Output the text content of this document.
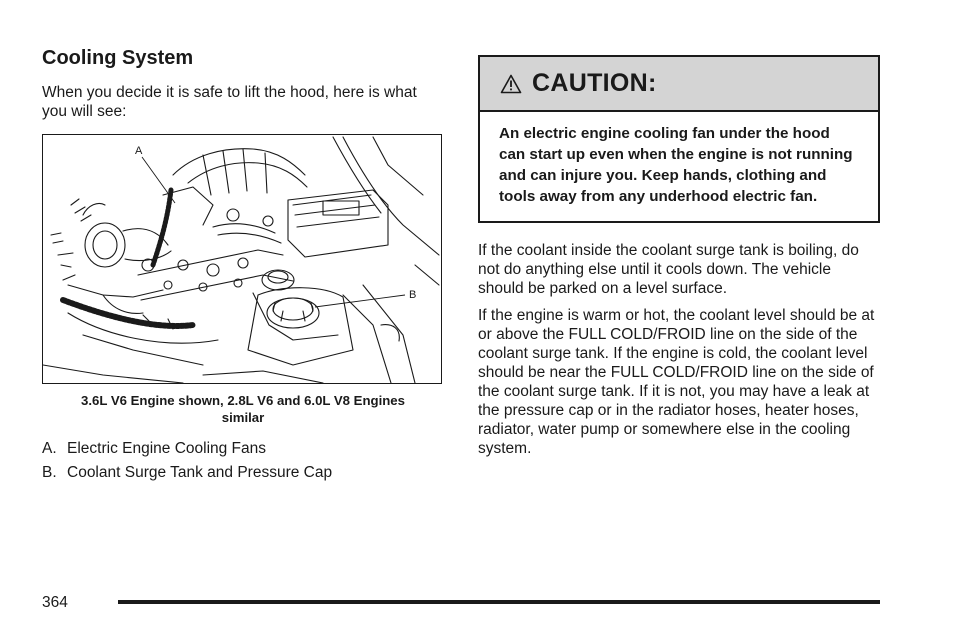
Cooling System

When you decide it is safe to lift the hood, here is what you will see:

A
B
3.6L V6 Engine shown, 2.8L V6 and 6.0L V8 Engines similar
A. Electric Engine Cooling Fans
B. Coolant Surge Tank and Pressure Cap
CAUTION:
An electric engine cooling fan under the hood can start up even when the engine is not running and can injure you. Keep hands, clothing and tools away from any underhood electric fan.

If the coolant inside the coolant surge tank is boiling, do not do anything else until it cools down. The vehicle should be parked on a level surface.

If the engine is warm or hot, the coolant level should be at or above the FULL COLD/FROID line on the side of the coolant surge tank. If the engine is cold, the coolant level should be near the FULL COLD/FROID line on the side of the coolant surge tank. If it is not, you may have a leak at the pressure cap or in the radiator hoses, heater hoses, radiator, water pump or somewhere else in the cooling system.

364
